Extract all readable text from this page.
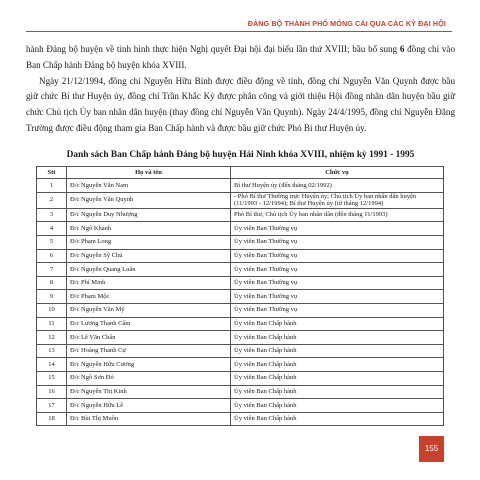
ĐẢNG BỘ THÀNH PHỐ MÓNG CÁI QUA CÁC KỲ ĐẠI HỘI

hành Đảng bộ huyện về tình hình thực hiện Nghị quyết Đại hội đại biểu lần thứ XVIII; bầu bổ sung 6 đồng chí vào Ban Chấp hành Đảng bộ huyện khóa XVIII.

Ngày 21/12/1994, đồng chí Nguyễn Hữu Bính được điều động về tỉnh, đồng chí Nguyễn Văn Quynh được bầu giữ chức Bí thư Huyện ủy, đồng chí Trần Khắc Kỷ được phân công và giới thiệu Hội đồng nhân dân huyện bầu giữ chức Chủ tịch Ủy ban nhân dân huyện (thay đồng chí Nguyễn Văn Quynh). Ngày 24/4/1995, đồng chí Nguyễn Đăng Trường được điều động tham gia Ban Chấp hành và được bầu giữ chức Phó Bí thư Huyện ủy.

Danh sách Ban Chấp hành Đảng bộ huyện Hải Ninh khóa XVIII, nhiệm kỳ 1991 - 1995
Stt	Họ và tên	Chức vụ
1	Đ/c Nguyễn Văn Nam	Bí thư Huyện ủy (đến tháng 02/1992)
2	Đ/c Nguyễn Văn Quynh	- Phó Bí thư Thường trực Huyện ủy; Chủ tịch Ủy ban nhân dân huyện (11/1993 - 12/1994); Bí thư Huyện ủy (từ tháng 12/1994)
3	Đ/c Nguyễn Duy Nhượng	Phó Bí thư, Chủ tịch Ủy ban nhân dân (đến tháng 11/1993)
4	Đ/c Ngô Khanh	Ủy viên Ban Thường vụ
5	Đ/c Phạm Long	Ủy viên Ban Thường vụ
6	Đ/c Nguyễn Sỹ Chủ	Ủy viên Ban Thường vụ
7	Đ/c Nguyễn Quang Luân	Ủy viên Ban Thường vụ
8	Đ/c Phí Minh	Ủy viên Ban Thường vụ
9	Đ/c Phạm Mộc	Ủy viên Ban Thường vụ
10	Đ/c Nguyễn Văn Mỹ	Ủy viên Ban Thường vụ
11	Đ/c Lương Thanh Cẩm	Ủy viên Ban Chấp hành
12	Đ/c Lê Văn Chấn	Ủy viên Ban Chấp hành
13	Đ/c Hoàng Thanh Cự	Ủy viên Ban Chấp hành
14	Đ/c Nguyễn Hữu Cương	Ủy viên Ban Chấp hành
15	Đ/c Ngô Sơn Đỏ	Ủy viên Ban Chấp hành
16	Đ/c Nguyễn Thị Kinh	Ủy viên Ban Chấp hành
17	Đ/c Nguyễn Hữu Lễ	Ủy viên Ban Chấp hành
18	Đ/c Bùi Thị Muôn	Ủy viên Ban Chấp hành
155
